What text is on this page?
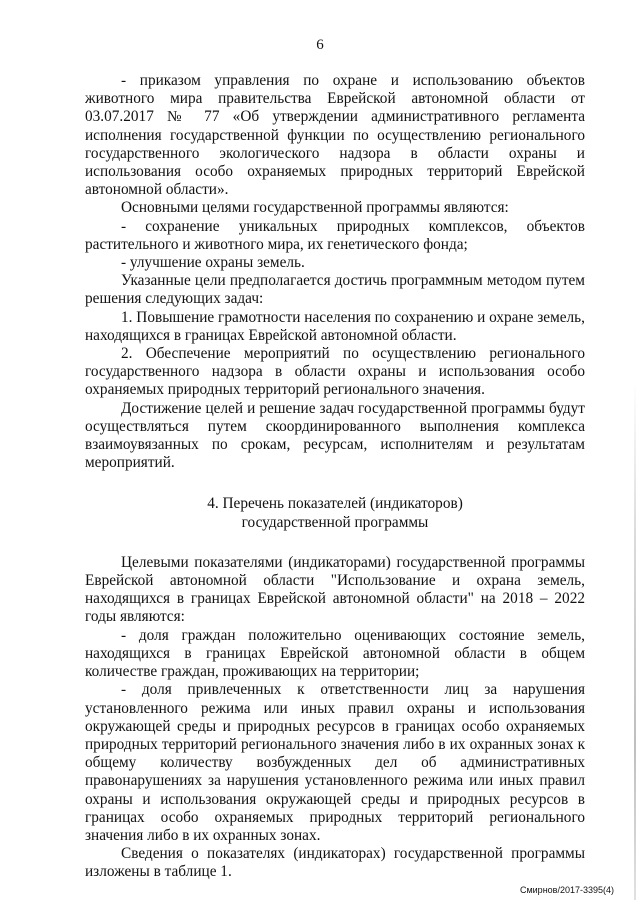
6

- приказом управления по охране и использованию объектов животного мира правительства Еврейской автономной области от 03.07.2017 № 77 «Об утверждении административного регламента исполнения государственной функции по осуществлению регионального государственного экологического надзора в области охраны и использования особо охраняемых природных территорий Еврейской автономной области».

Основными целями государственной программы являются:

- сохранение уникальных природных комплексов, объектов растительного и животного мира, их генетического фонда;

- улучшение охраны земель.

Указанные цели предполагается достичь программным методом путем решения следующих задач:

1. Повышение грамотности населения по сохранению и охране земель, находящихся в границах Еврейской автономной области.

2. Обеспечение мероприятий по осуществлению регионального государственного надзора в области охраны и использования особо охраняемых природных территорий регионального значения.

Достижение целей и решение задач государственной программы будут осуществляться путем скоординированного выполнения комплекса взаимоувязанных по срокам, ресурсам, исполнителям и результатам мероприятий.

4. Перечень показателей (индикаторов)
государственной программы

Целевыми показателями (индикаторами) государственной программы Еврейской автономной области "Использование и охрана земель, находящихся в границах Еврейской автономной области" на 2018 – 2022 годы являются:

- доля граждан положительно оценивающих состояние земель, находящихся в границах Еврейской автономной области в общем количестве граждан, проживающих на территории;

- доля привлеченных к ответственности лиц за нарушения установленного режима или иных правил охраны и использования окружающей среды и природных ресурсов в границах особо охраняемых природных территорий регионального значения либо в их охранных зонах к общему количеству возбужденных дел об административных правонарушениях за нарушения установленного режима или иных правил охраны и использования окружающей среды и природных ресурсов в границах особо охраняемых природных территорий регионального значения либо в их охранных зонах.

Сведения о показателях (индикаторах) государственной программы изложены в таблице 1.

Смирнов/2017-3395(4)
